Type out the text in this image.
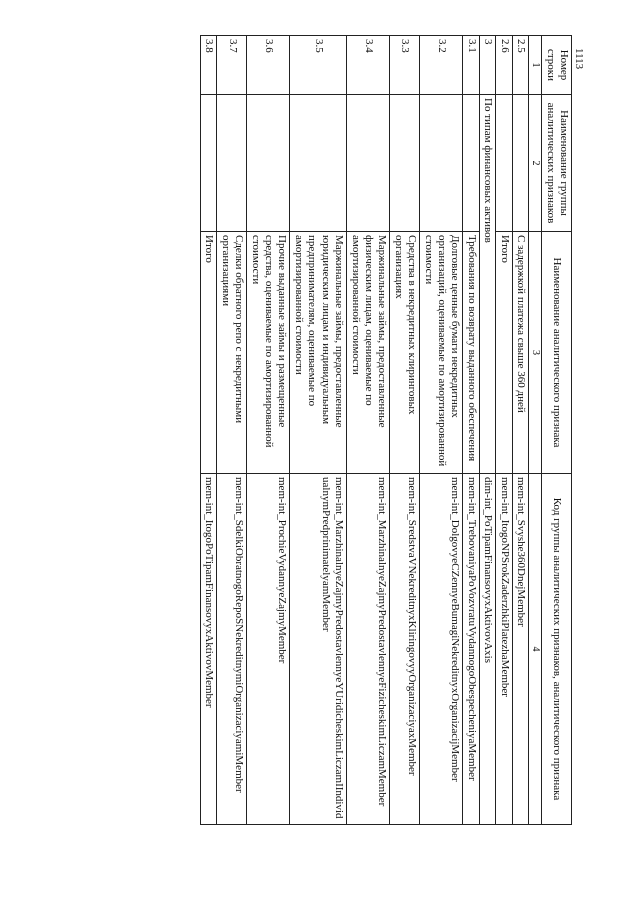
1113
Номер строки	Наименование группы аналитических признаков	Наименование аналитического признака	Код группы аналитических признаков, аналитического признака
1	2	3	4
2.5		С задержкой платежа свыше 360 дней	mem-int_Svyshe360DnejMember
2.6		Итого	mem-int_ItogoNPSrokZaderzhkiPlatezhaMember
3	По типам финансовых активов		dim-int_PoTipamFinansovyxAktivovAxis
3.1		Требования по возврату выданного обеспечения	mem-int_TrebovaniyaPoVozvratuVydannogoObespecheniyaMember
3.2		Долговые ценные бумаги некредитных организаций, оцениваемые по амортизированной стоимости	mem-int_DolgovyeCZennyeBumagiNekreditnyxOrganizacijMember
3.3		Средства в некредитных клиринговых организациях	mem-int_SredstvaVNekreditnyxKliringovyyOrganizaciyaxMember
3.4		Маржинальные займы, предоставленные физическим лицам, оцениваемые по амортизированной стоимости	mem-int_MarzhinalnyeZajmyPredostavlennyeFizicheskimLiczamMember
3.5		Маржинальные займы, предоставленные юридическим лицам и индивидуальным предпринимателям, оцениваемые по амортизированной стоимости	mem-int_MarzhinalnyeZajmyPredostavlennyeYUridicheskimLiczamIIndividualnymPredprinimatelyamMember
3.6		Прочие выданные займы и размещенные средства, оцениваемые по амортизированной стоимости	mem-int_ProchieVydannyeZajmyMember
3.7		Сделки обратного репо с некредитными организациями	mem-int_SdelkiObratnogoRepoSNekreditnymiOrganizaciyamiMember
3.8		Итого	mem-int_ItogoPoTipamFinansovyxAktivovMember
